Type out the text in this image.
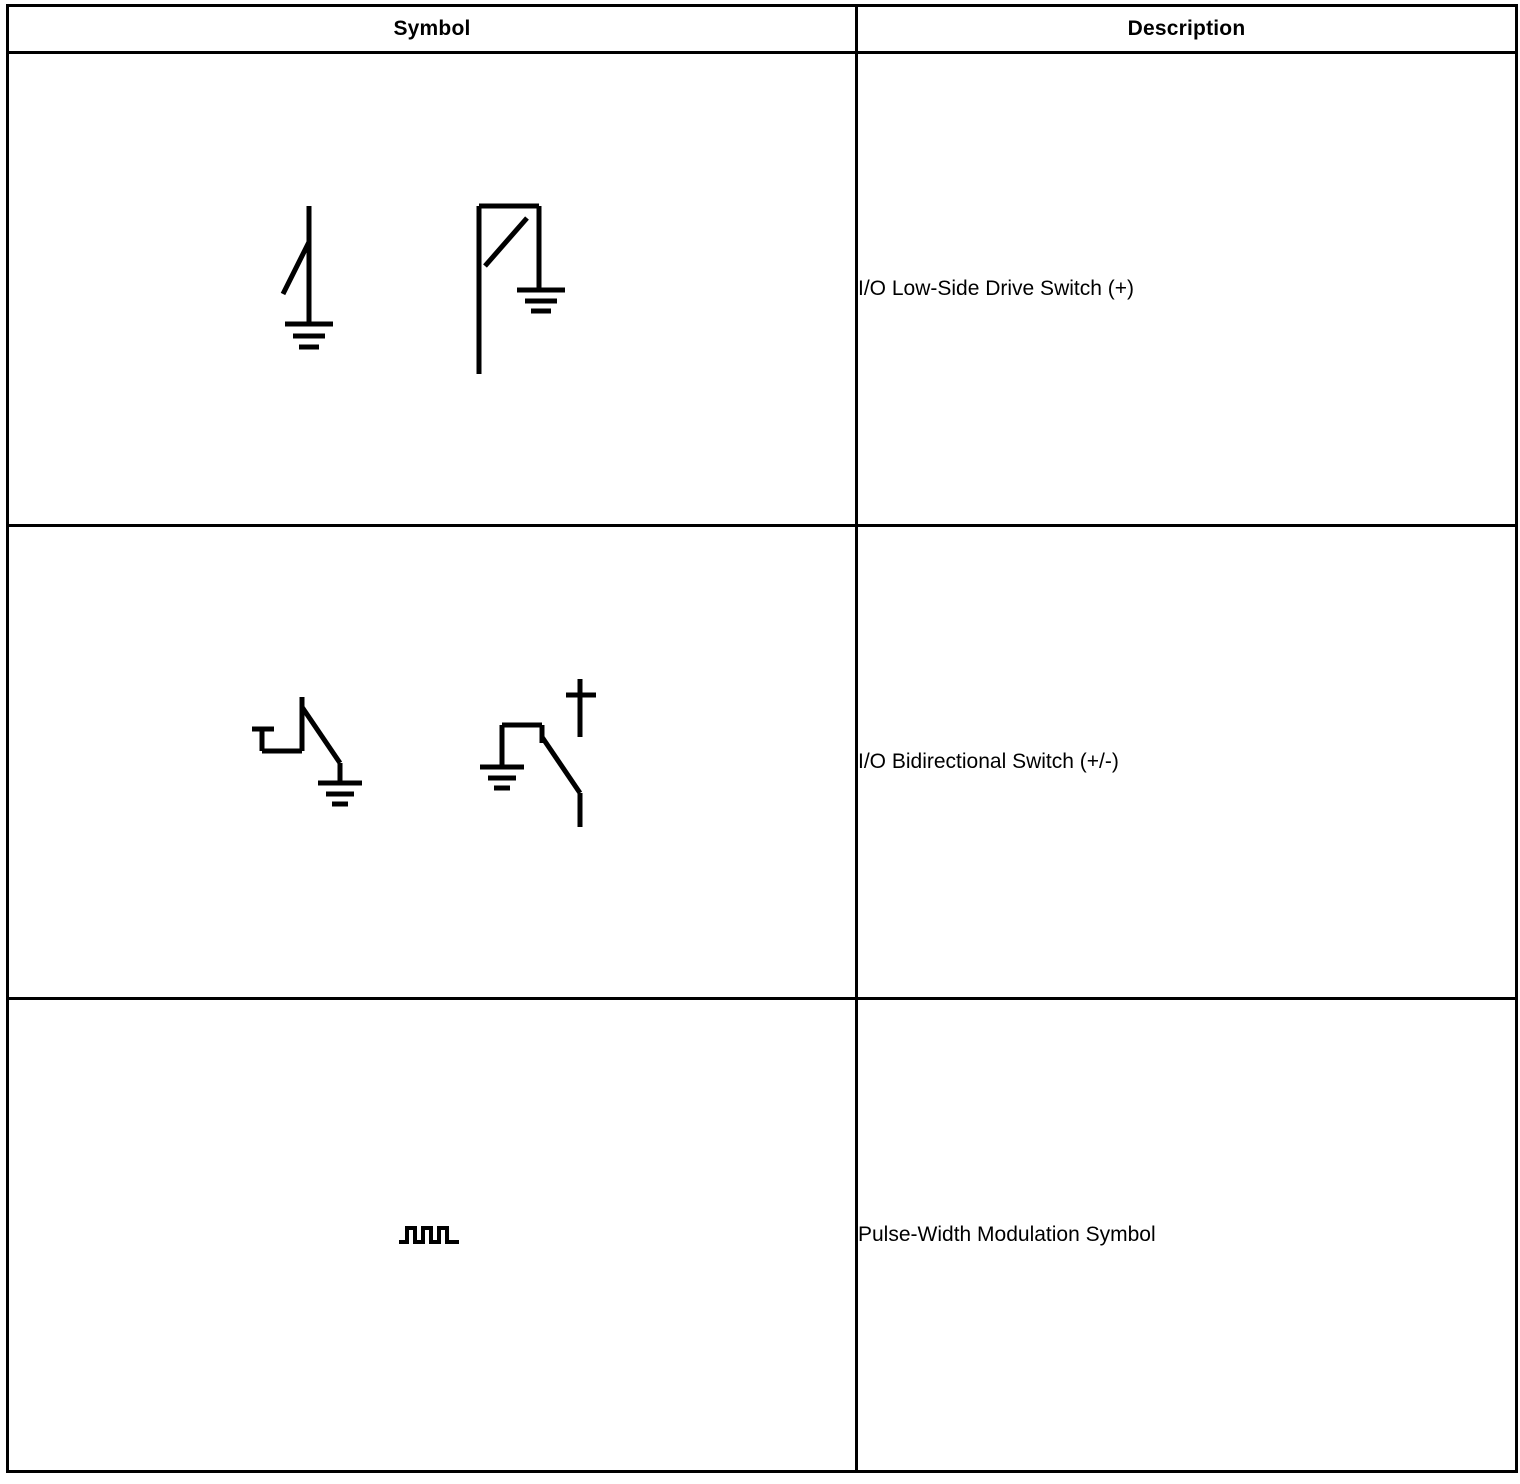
Symbol	Description

	I/O Low-Side Drive Switch (+)

	I/O Bidirectional Switch (+/-)

	Pulse-Width Modulation Symbol
